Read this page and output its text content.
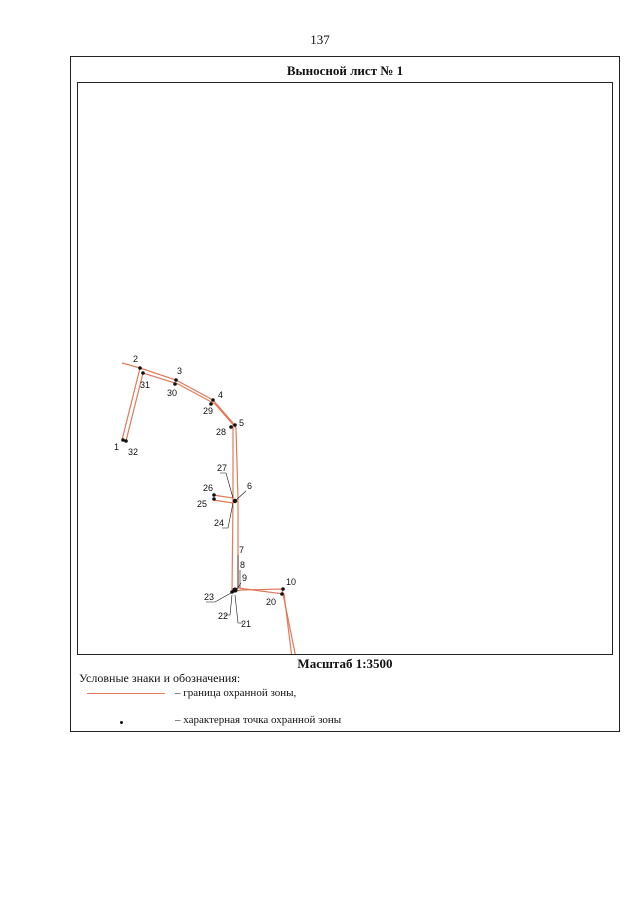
137
Выносной лист № 1
1 32
2
31
3
30	4
29
5
28
27
6
26
25
24
7
8
9	10
23	20
22
21
Масштаб 1:3500
Условные знаки и обозначения:
– граница охранной зоны,
– характерная точка охранной зоны
